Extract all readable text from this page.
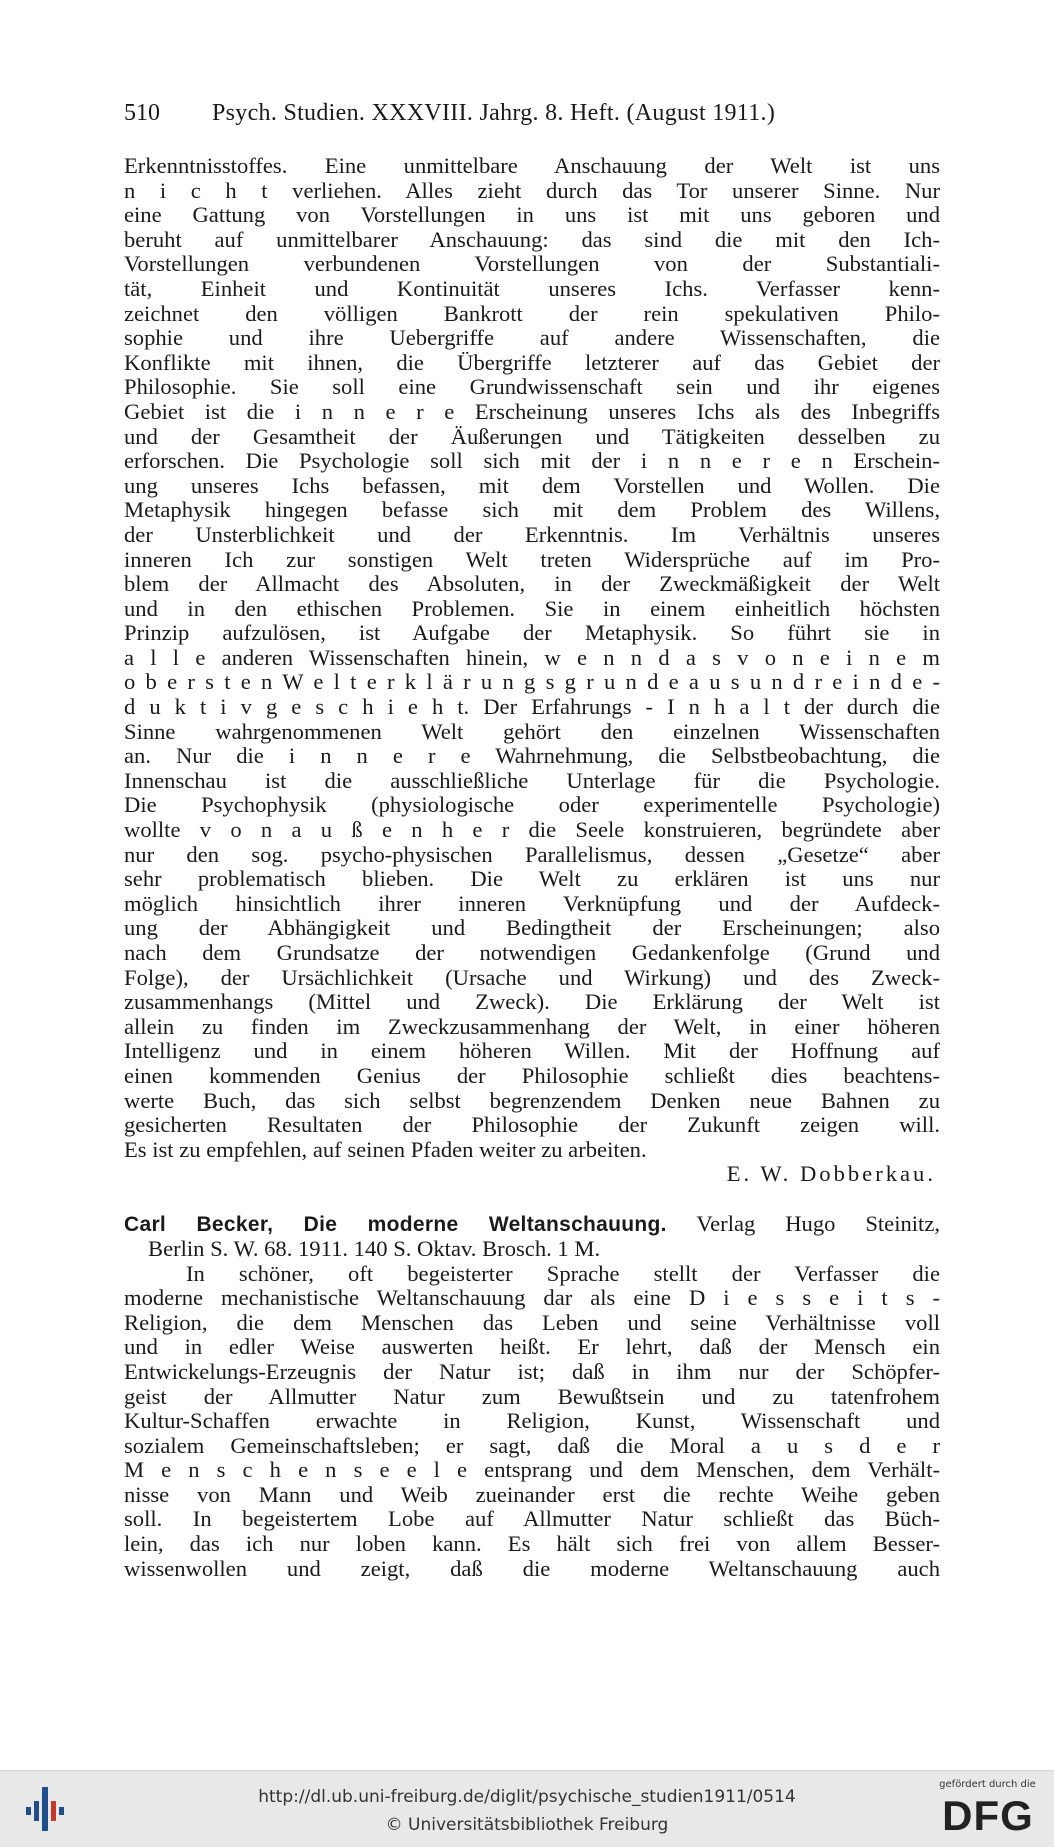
510 Psych. Studien. XXXVIII. Jahrg. 8. Heft. (August 1911.)
Erkenntnisstoffes. Eine unmittelbare Anschauung der Welt ist uns
n i c h t verliehen. Alles zieht durch das Tor unserer Sinne. Nur
eine Gattung von Vorstellungen in uns ist mit uns geboren und
beruht auf unmittelbarer Anschauung: das sind die mit den Ich-
Vorstellungen verbundenen Vorstellungen von der Substantiali-
tät, Einheit und Kontinuität unseres Ichs. Verfasser kenn-
zeichnet den völligen Bankrott der rein spekulativen Philo-
sophie und ihre Uebergriffe auf andere Wissenschaften, die
Konflikte mit ihnen, die Übergriffe letzterer auf das Gebiet der
Philosophie. Sie soll eine Grundwissenschaft sein und ihr eigenes
Gebiet ist die i n n e r e Erscheinung unseres Ichs als des Inbegriffs
und der Gesamtheit der Äußerungen und Tätigkeiten desselben zu
erforschen. Die Psychologie soll sich mit der i n n e r e n Erschein-
ung unseres Ichs befassen, mit dem Vorstellen und Wollen. Die
Metaphysik hingegen befasse sich mit dem Problem des Willens,
der Unsterblichkeit und der Erkenntnis. Im Verhältnis unseres
inneren Ich zur sonstigen Welt treten Widersprüche auf im Pro-
blem der Allmacht des Absoluten, in der Zweckmäßigkeit der Welt
und in den ethischen Problemen. Sie in einem einheitlich höchsten
Prinzip aufzulösen, ist Aufgabe der Metaphysik. So führt sie in
a l l e anderen Wissenschaften hinein, w e n n d a s v o n e i n e m
o b e r s t e n W e l t e r k l ä r u n g s g r u n d e a u s u n d r e i n d e -
d u k t i v g e s c h i e h t. Der Erfahrungs - I n h a l t der durch die
Sinne wahrgenommenen Welt gehört den einzelnen Wissenschaften
an. Nur die i n n e r e Wahrnehmung, die Selbstbeobachtung, die
Innenschau ist die ausschließliche Unterlage für die Psychologie.
Die Psychophysik (physiologische oder experimentelle Psychologie)
wollte v o n a u ß e n h e r die Seele konstruieren, begründete aber
nur den sog. psycho-physischen Parallelismus, dessen „Gesetze“ aber
sehr problematisch blieben. Die Welt zu erklären ist uns nur
möglich hinsichtlich ihrer inneren Verknüpfung und der Aufdeck-
ung der Abhängigkeit und Bedingtheit der Erscheinungen; also
nach dem Grundsatze der notwendigen Gedankenfolge (Grund und
Folge), der Ursächlichkeit (Ursache und Wirkung) und des Zweck-
zusammenhangs (Mittel und Zweck). Die Erklärung der Welt ist
allein zu finden im Zweckzusammenhang der Welt, in einer höheren
Intelligenz und in einem höheren Willen. Mit der Hoffnung auf
einen kommenden Genius der Philosophie schließt dies beachtens-
werte Buch, das sich selbst begrenzendem Denken neue Bahnen zu
gesicherten Resultaten der Philosophie der Zukunft zeigen will.
Es ist zu empfehlen, auf seinen Pfaden weiter zu arbeiten.
E. W. Dobberkau.
Carl Becker, Die moderne Weltanschauung. Verlag Hugo Steinitz,
Berlin S. W. 68. 1911. 140 S. Oktav. Brosch. 1 M.
In schöner, oft begeisterter Sprache stellt der Verfasser die
moderne mechanistische Weltanschauung dar als eine D i e s s e i t s -
Religion, die dem Menschen das Leben und seine Verhältnisse voll
und in edler Weise auswerten heißt. Er lehrt, daß der Mensch ein
Entwickelungs-Erzeugnis der Natur ist; daß in ihm nur der Schöpfer-
geist der Allmutter Natur zum Bewußtsein und zu tatenfrohem
Kultur-Schaffen erwachte in Religion, Kunst, Wissenschaft und
sozialem Gemeinschaftsleben; er sagt, daß die Moral a u s d e r
M e n s c h e n s e e l e entsprang und dem Menschen, dem Verhält-
nisse von Mann und Weib zueinander erst die rechte Weihe geben
soll. In begeistertem Lobe auf Allmutter Natur schließt das Büch-
lein, das ich nur loben kann. Es hält sich frei von allem Besser-
wissenwollen und zeigt, daß die moderne Weltanschauung auch
http://dl.ub.uni-freiburg.de/diglit/psychische_studien1911/0514
© Universitätsbibliothek Freiburg
gefördert durch die
DFG
